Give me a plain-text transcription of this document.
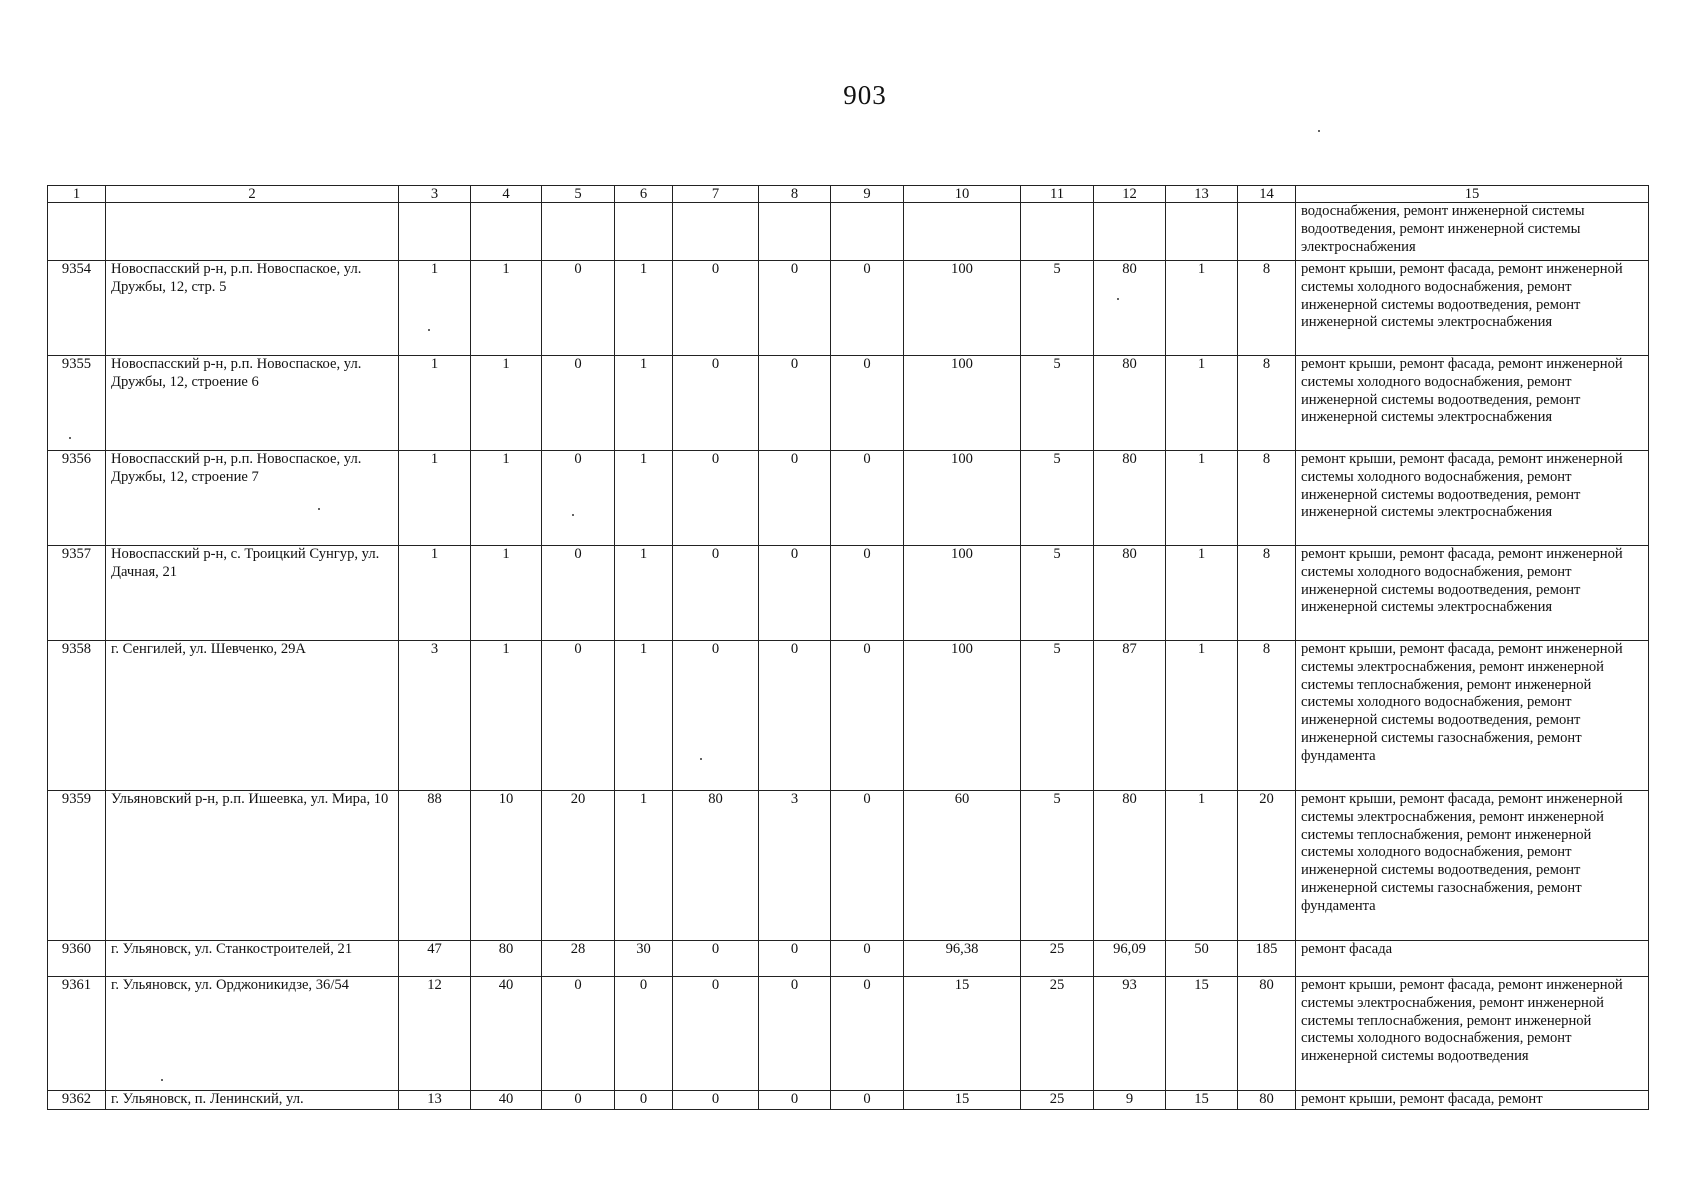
903
1	2	3	4	5	6	7	8	9	10	11	12	13	14	15
														водоснабжения, ремонт инженерной системы водоотведения, ремонт инженерной системы электроснабжения
9354	Новоспасский р-н, р.п. Новоспаское, ул. Дружбы, 12, стр. 5	1	1	0	1	0	0	0	100	5	80	1	8	ремонт крыши, ремонт фасада, ремонт инженерной системы холодного водоснабжения, ремонт инженерной системы водоотведения, ремонт инженерной системы электроснабжения
9355	Новоспасский р-н, р.п. Новоспаское, ул. Дружбы, 12, строение 6	1	1	0	1	0	0	0	100	5	80	1	8	ремонт крыши, ремонт фасада, ремонт инженерной системы холодного водоснабжения, ремонт инженерной системы водоотведения, ремонт инженерной системы электроснабжения
9356	Новоспасский р-н, р.п. Новоспаское, ул. Дружбы, 12, строение 7	1	1	0	1	0	0	0	100	5	80	1	8	ремонт крыши, ремонт фасада, ремонт инженерной системы холодного водоснабжения, ремонт инженерной системы водоотведения, ремонт инженерной системы электроснабжения
9357	Новоспасский р-н, с. Троицкий Сунгур, ул. Дачная, 21	1	1	0	1	0	0	0	100	5	80	1	8	ремонт крыши, ремонт фасада, ремонт инженерной системы холодного водоснабжения, ремонт инженерной системы водоотведения, ремонт инженерной системы электроснабжения
9358	г. Сенгилей, ул. Шевченко, 29А	3	1	0	1	0	0	0	100	5	87	1	8	ремонт крыши, ремонт фасада, ремонт инженерной системы электроснабжения, ремонт инженерной системы теплоснабжения, ремонт инженерной системы холодного водоснабжения, ремонт инженерной системы водоотведения, ремонт инженерной системы газоснабжения, ремонт фундамента
9359	Ульяновский р-н, р.п. Ишеевка, ул. Мира, 10	88	10	20	1	80	3	0	60	5	80	1	20	ремонт крыши, ремонт фасада, ремонт инженерной системы электроснабжения, ремонт инженерной системы теплоснабжения, ремонт инженерной системы холодного водоснабжения, ремонт инженерной системы водоотведения, ремонт инженерной системы газоснабжения, ремонт фундамента
9360	г. Ульяновск, ул. Станкостроителей, 21	47	80	28	30	0	0	0	96,38	25	96,09	50	185	ремонт фасада
9361	г. Ульяновск, ул. Орджоникидзе, 36/54	12	40	0	0	0	0	0	15	25	93	15	80	ремонт крыши, ремонт фасада, ремонт инженерной системы электроснабжения, ремонт инженерной системы теплоснабжения, ремонт инженерной системы холодного водоснабжения, ремонт инженерной системы водоотведения
9362	г. Ульяновск, п. Ленинский, ул.	13	40	0	0	0	0	0	15	25	9	15	80	ремонт крыши, ремонт фасада, ремонт
